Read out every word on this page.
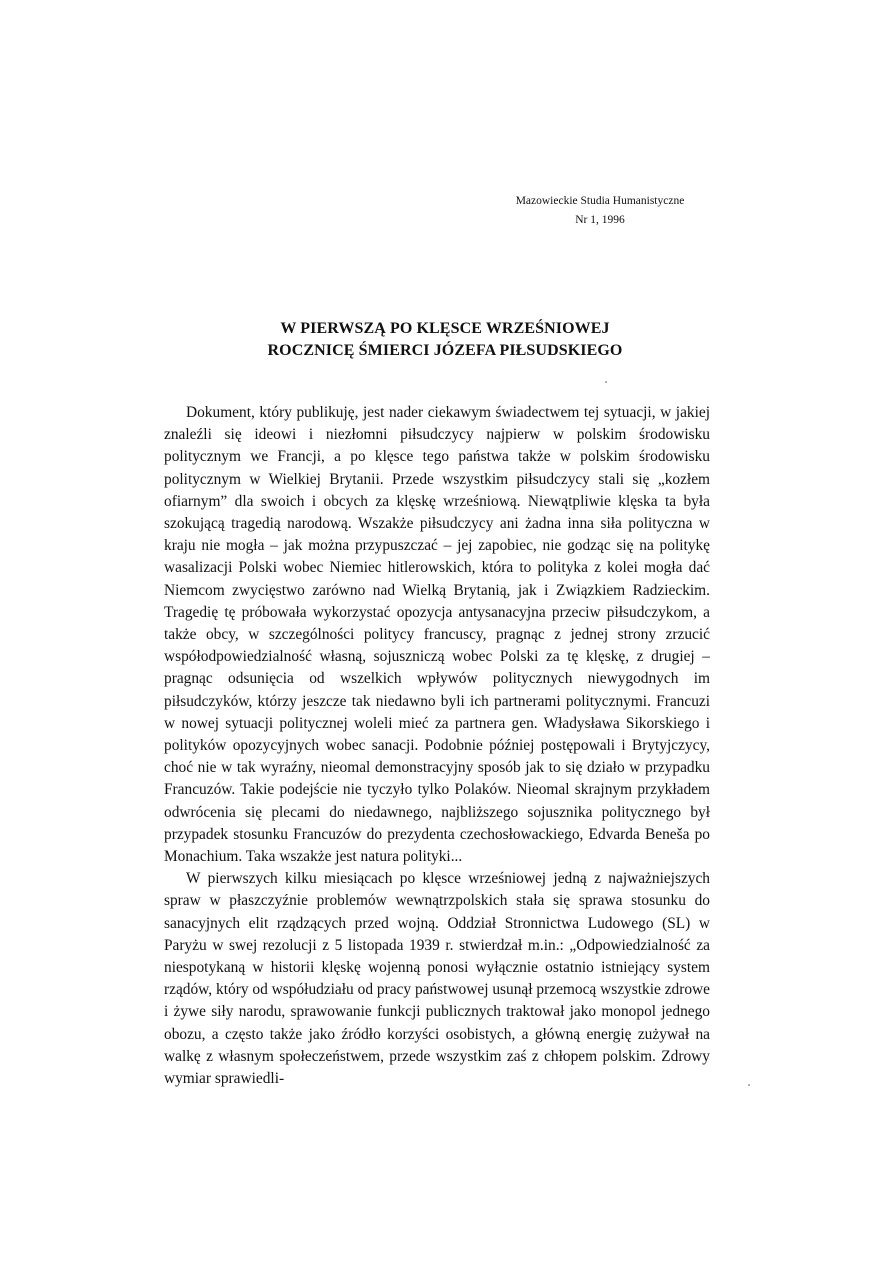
Mazowieckie Studia Humanistyczne
Nr 1, 1996
W PIERWSZĄ PO KLĘSCE WRZEŚNIOWEJ
ROCZNICĘ ŚMIERCI JÓZEFA PIŁSUDSKIEGO

Dokument, który publikuję, jest nader ciekawym świadectwem tej sytuacji, w jakiej znaleźli się ideowi i niezłomni piłsudczycy najpierw w polskim środowisku politycznym we Francji, a po klęsce tego państwa także w polskim środowisku politycznym w Wielkiej Brytanii. Przede wszystkim piłsudczycy stali się „kozłem ofiarnym” dla swoich i obcych za klęskę wrześniową. Niewątpliwie klęska ta była szokującą tragedią narodową. Wszakże piłsudczycy ani żadna inna siła polityczna w kraju nie mogła – jak można przypuszczać – jej zapobiec, nie godząc się na politykę wasalizacji Polski wobec Niemiec hitlerowskich, która to polityka z kolei mogła dać Niemcom zwycięstwo zarówno nad Wielką Brytanią, jak i Związkiem Radzieckim. Tragedię tę próbowała wykorzystać opozycja antysanacyjna przeciw piłsudczykom, a także obcy, w szczególności politycy francuscy, pragnąc z jednej strony zrzucić współodpowiedzialność własną, sojuszniczą wobec Polski za tę klęskę, z drugiej – pragnąc odsunięcia od wszelkich wpływów politycznych niewygodnych im piłsudczyków, którzy jeszcze tak niedawno byli ich partnerami politycznymi. Francuzi w nowej sytuacji politycznej woleli mieć za partnera gen. Władysława Sikorskiego i polityków opozycyjnych wobec sanacji. Podobnie później postępowali i Brytyjczycy, choć nie w tak wyraźny, nieomal demonstracyjny sposób jak to się działo w przypadku Francuzów. Takie podejście nie tyczyło tylko Polaków. Nieomal skrajnym przykładem odwrócenia się plecami do niedawnego, najbliższego sojusznika politycznego był przypadek stosunku Francuzów do prezydenta czechosłowackiego, Edvarda Beneša po Monachium. Taka wszakże jest natura polityki...

W pierwszych kilku miesiącach po klęsce wrześniowej jedną z najważniejszych spraw w płaszczyźnie problemów wewnątrzpolskich stała się sprawa stosunku do sanacyjnych elit rządzących przed wojną. Oddział Stronnictwa Ludowego (SL) w Paryżu w swej rezolucji z 5 listopada 1939 r. stwierdzał m.in.: „Odpowiedzialność za niespotykaną w historii klęskę wojenną ponosi wyłącznie ostatnio istniejący system rządów, który od współudziału od pracy państwowej usunął przemocą wszystkie zdrowe i żywe siły narodu, sprawowanie funkcji publicznych traktował jako monopol jednego obozu, a często także jako źródło korzyści osobistych, a główną energię zużywał na walkę z własnym społeczeństwem, przede wszystkim zaś z chłopem polskim. Zdrowy wymiar sprawiedli-
